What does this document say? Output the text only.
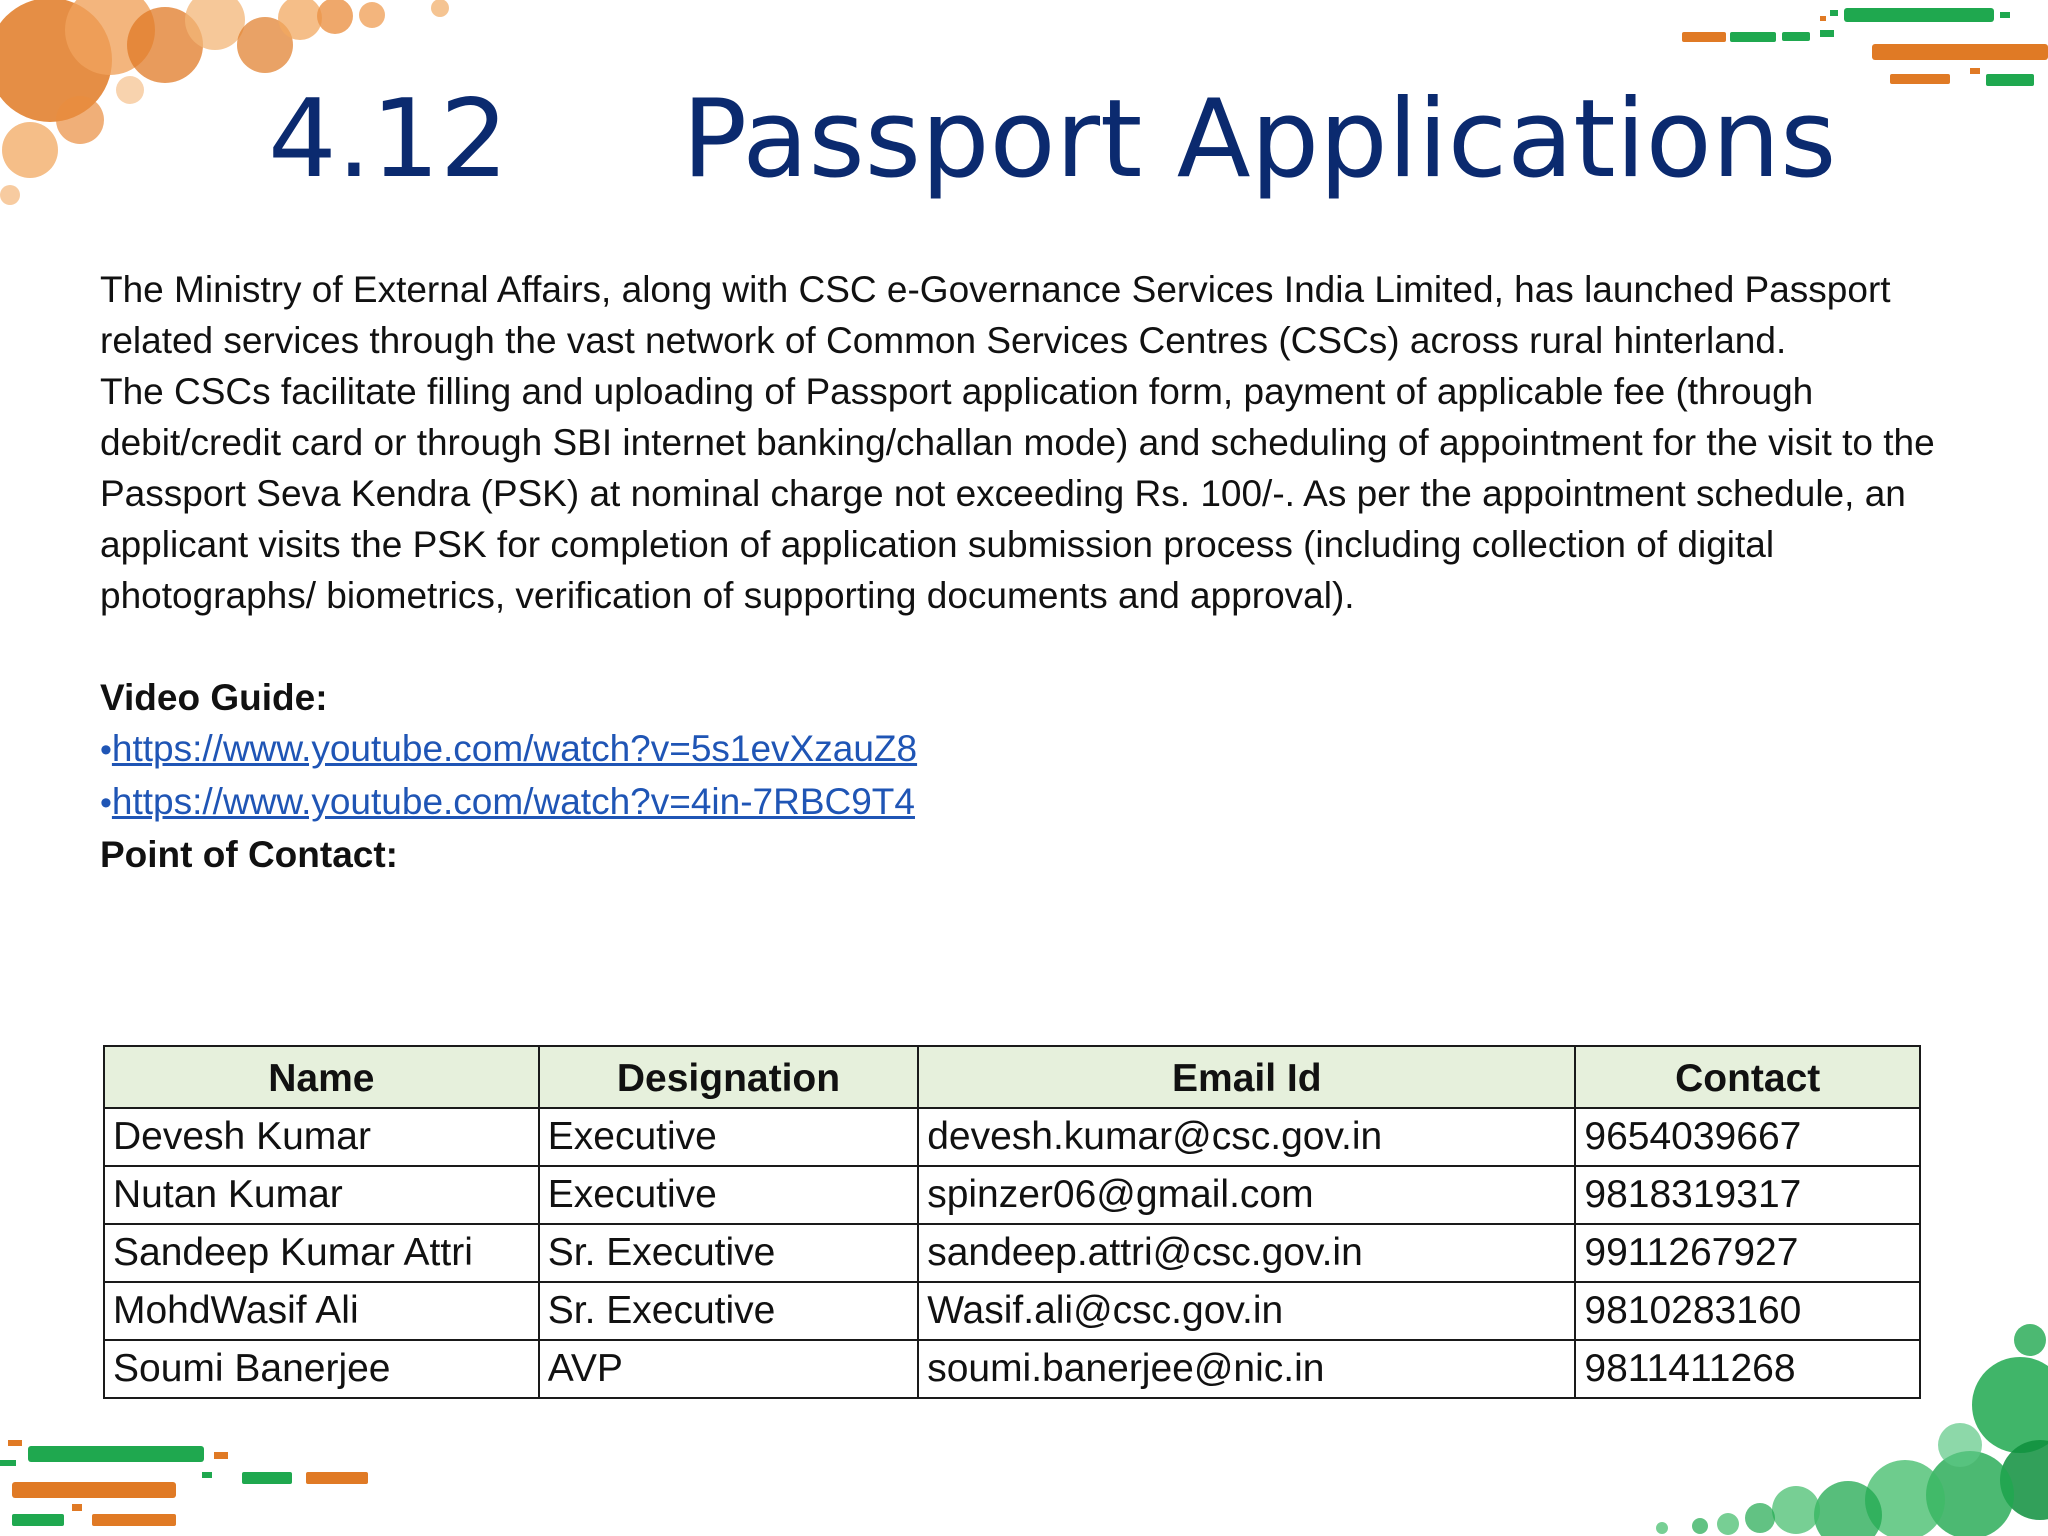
4.12 Passport Applications

The Ministry of External Affairs, along with CSC e-Governance Services India Limited, has launched Passport related services through the vast network of Common Services Centres (CSCs) across rural hinterland.

The CSCs facilitate filling and uploading of Passport application form, payment of applicable fee (through debit/credit card or through SBI internet banking/challan mode) and scheduling of appointment for the visit to the Passport Seva Kendra (PSK) at nominal charge not exceeding Rs. 100/-. As per the appointment schedule, an applicant visits the PSK for completion of application submission process (including collection of digital photographs/ biometrics, verification of supporting documents and approval).

Video Guide:

•https://www.youtube.com/watch?v=5s1evXzauZ8

•https://www.youtube.com/watch?v=4in-7RBC9T4

Point of Contact:

Name	Designation	Email Id	Contact
Devesh Kumar	Executive	devesh.kumar@csc.gov.in	9654039667
Nutan Kumar	Executive	spinzer06@gmail.com	9818319317
Sandeep Kumar Attri	Sr. Executive	sandeep.attri@csc.gov.in	9911267927
MohdWasif Ali	Sr. Executive	Wasif.ali@csc.gov.in	9810283160
Soumi Banerjee	AVP	soumi.banerjee@nic.in	9811411268
